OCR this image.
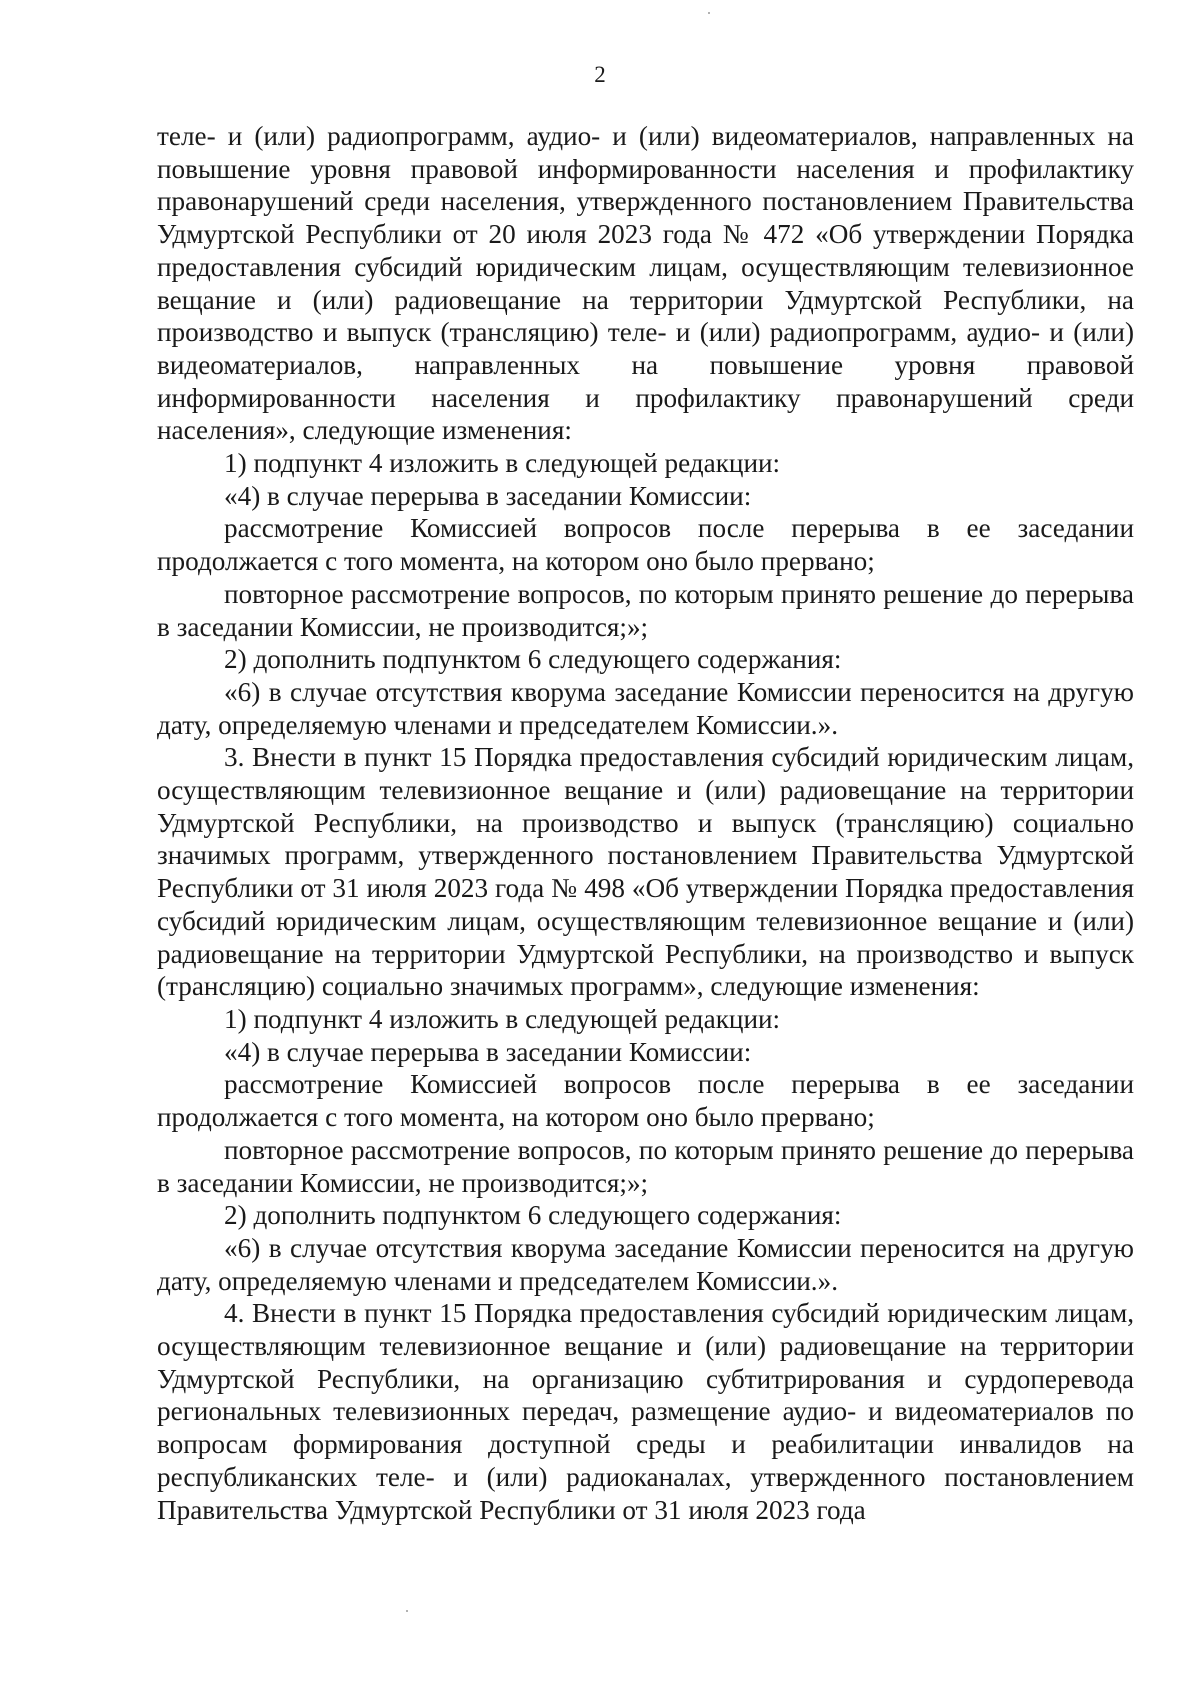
2

теле- и (или) радиопрограмм, аудио- и (или) видеоматериалов, направленных на повышение уровня правовой информированности населения и профилактику правонарушений среди населения, утвержденного постановлением Правительства Удмуртской Республики от 20 июля 2023 года № 472 «Об утверждении Порядка предоставления субсидий юридическим лицам, осуществляющим телевизионное вещание и (или) радиовещание на территории Удмуртской Республики, на производство и выпуск (трансляцию) теле- и (или) радиопрограмм, аудио- и (или) видеоматериалов, направленных на повышение уровня правовой информированности населения и профилактику правонарушений среди населения», следующие изменения:

1) подпункт 4 изложить в следующей редакции:

«4) в случае перерыва в заседании Комиссии:

рассмотрение Комиссией вопросов после перерыва в ее заседании продолжается с того момента, на котором оно было прервано;

повторное рассмотрение вопросов, по которым принято решение до перерыва в заседании Комиссии, не производится;»;

2) дополнить подпунктом 6 следующего содержания:

«6) в случае отсутствия кворума заседание Комиссии переносится на другую дату, определяемую членами и председателем Комиссии.».

3. Внести в пункт 15 Порядка предоставления субсидий юридическим лицам, осуществляющим телевизионное вещание и (или) радиовещание на территории Удмуртской Республики, на производство и выпуск (трансляцию) социально значимых программ, утвержденного постановлением Правительства Удмуртской Республики от 31 июля 2023 года № 498 «Об утверждении Порядка предоставления субсидий юридическим лицам, осуществляющим телевизионное вещание и (или) радиовещание на территории Удмуртской Республики, на производство и выпуск (трансляцию) социально значимых программ», следующие изменения:

1) подпункт 4 изложить в следующей редакции:

«4) в случае перерыва в заседании Комиссии:

рассмотрение Комиссией вопросов после перерыва в ее заседании продолжается с того момента, на котором оно было прервано;

повторное рассмотрение вопросов, по которым принято решение до перерыва в заседании Комиссии, не производится;»;

2) дополнить подпунктом 6 следующего содержания:

«6) в случае отсутствия кворума заседание Комиссии переносится на другую дату, определяемую членами и председателем Комиссии.».

4. Внести в пункт 15 Порядка предоставления субсидий юридическим лицам, осуществляющим телевизионное вещание и (или) радиовещание на территории Удмуртской Республики, на организацию субтитрирования и сурдоперевода региональных телевизионных передач, размещение аудио- и видеоматериалов по вопросам формирования доступной среды и реабилитации инвалидов на республиканских теле- и (или) радиоканалах, утвержденного постановлением Правительства Удмуртской Республики от 31 июля 2023 года
